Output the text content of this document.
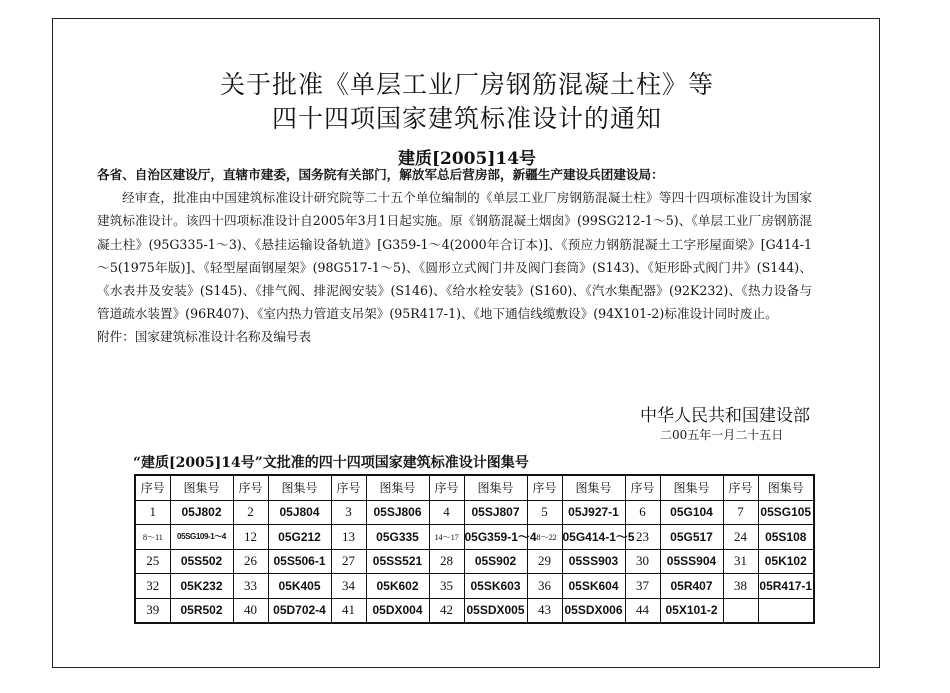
关于批准《单层工业厂房钢筋混凝土柱》等
四十四项国家建筑标准设计的通知
建质[2005]14号

各省、自治区建设厅，直辖市建委，国务院有关部门，解放军总后营房部，新疆生产建设兵团建设局：

经审查，批准由中国建筑标准设计研究院等二十五个单位编制的《单层工业厂房钢筋混凝土柱》等四十四项标准设计为国家建筑标准设计。该四十四项标准设计自2005年3月1日起实施。原《钢筋混凝土烟囱》(99SG212-1～5)、《单层工业厂房钢筋混凝土柱》(95G335-1～3)、《悬挂运输设备轨道》[G359-1～4(2000年合订本)]、《预应力钢筋混凝土工字形屋面梁》[G414-1～5(1975年版)]、《轻型屋面钢屋架》(98G517-1～5)、《圆形立式阀门井及阀门套筒》(S143)、《矩形卧式阀门井》(S144)、《水表井及安装》(S145)、《排气阀、排泥阀安装》(S146)、《给水栓安装》(S160)、《汽水集配器》(92K232)、《热力设备与管道疏水装置》(96R407)、《室内热力管道支吊架》(95R417-1)、《地下通信线缆敷设》(94X101-2)标准设计同时废止。

附件：国家建筑标准设计名称及编号表

中华人民共和国建设部
二00五年一月二十五日
“建质[2005]14号”文批准的四十四项国家建筑标准设计图集号
序号	图集号	序号	图集号	序号	图集号	序号	图集号	序号	图集号	序号	图集号	序号	图集号
1	05J802	2	05J804	3	05SJ806	4	05SJ807	5	05J927-1	6	05G104	7	05SG105
8～11	05SG109-1～4	12	05G212	13	05G335	14～17	05G359-1～4	18～22	05G414-1～5	23	05G517	24	05S108
25	05S502	26	05S506-1	27	05SS521	28	05S902	29	05SS903	30	05SS904	31	05K102
32	05K232	33	05K405	34	05K602	35	05SK603	36	05SK604	37	05R407	38	05R417-1
39	05R502	40	05D702-4	41	05DX004	42	05SDX005	43	05SDX006	44	05X101-2		
